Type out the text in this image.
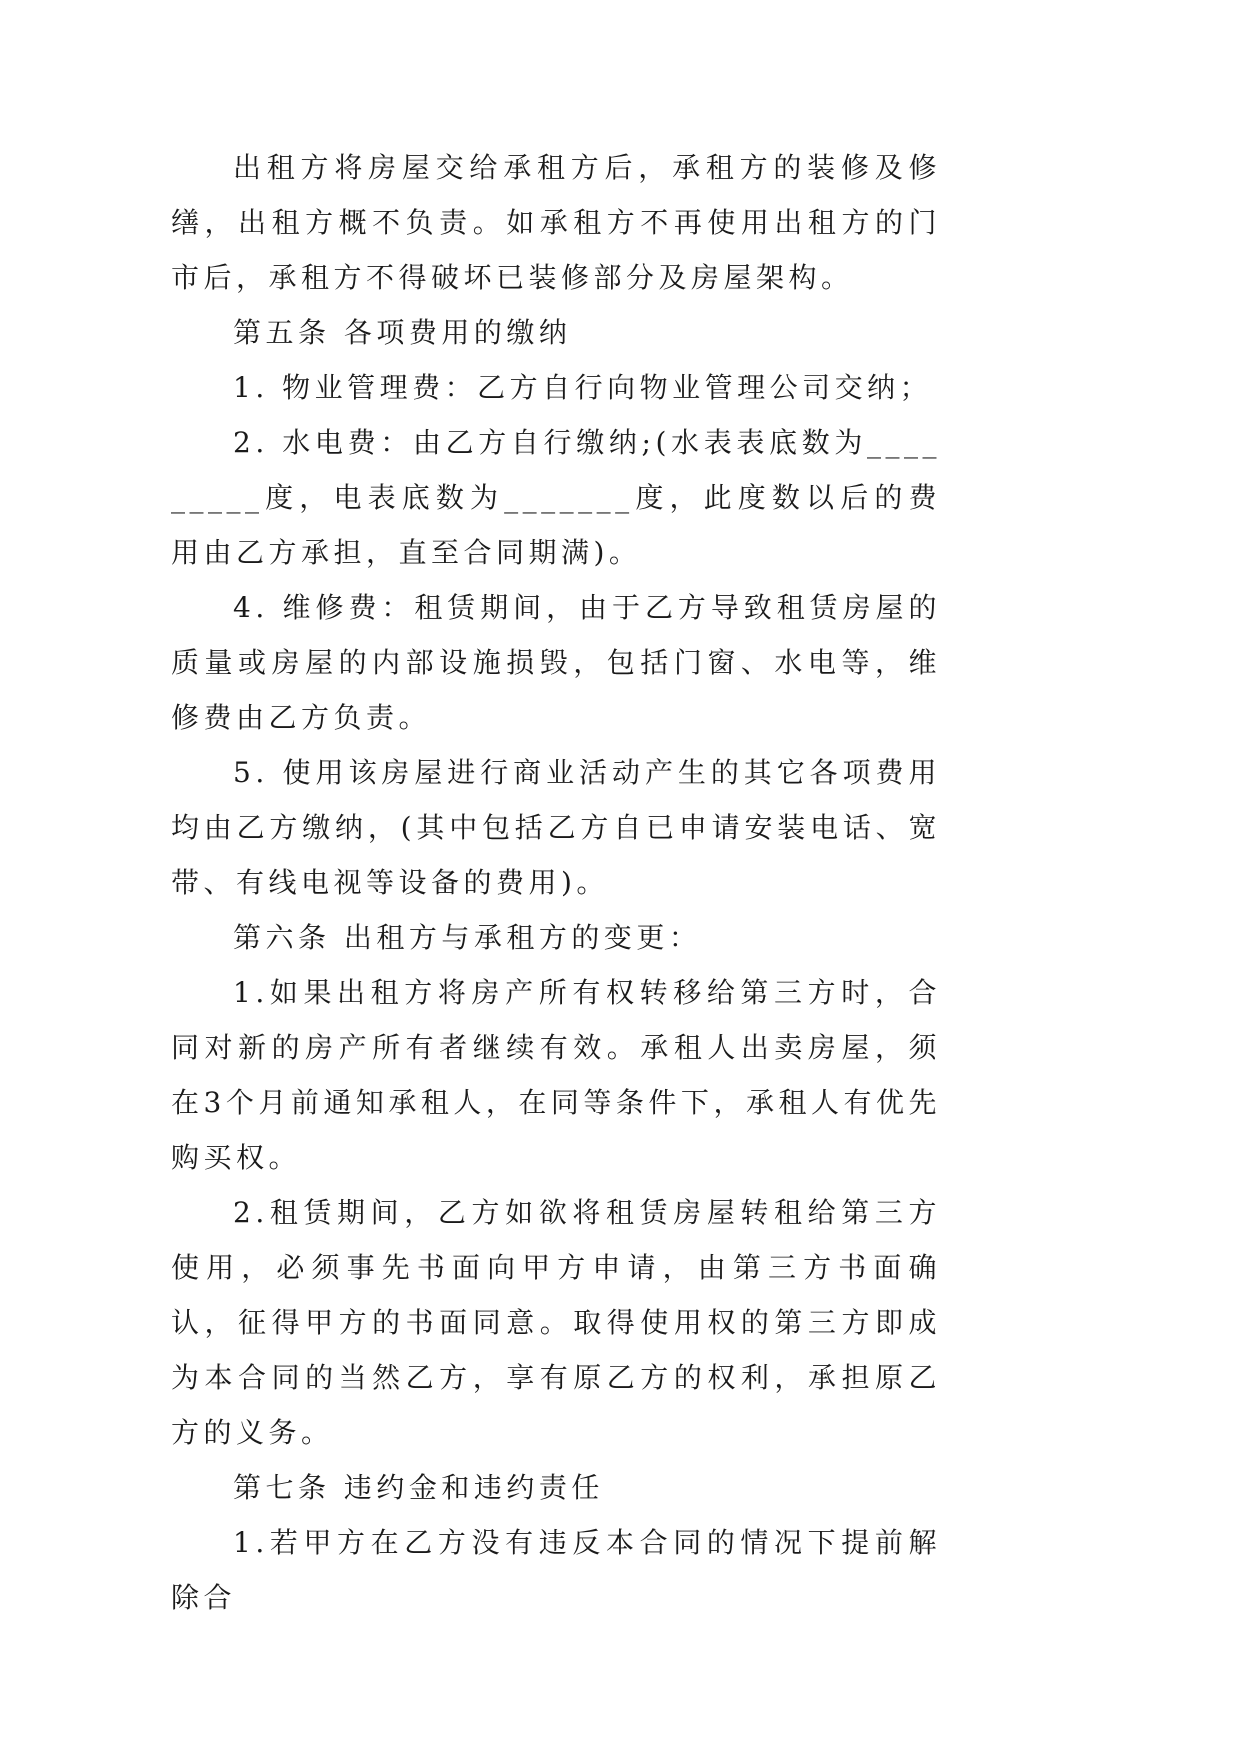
出租方将房屋交给承租方后，承租方的装修及修缮，出租方概不负责。如承租方不再使用出租方的门市后，承租方不得破坏已装修部分及房屋架构。

第五条 各项费用的缴纳

1. 物业管理费：乙方自行向物业管理公司交纳；

2. 水电费：由乙方自行缴纳;(水表表底数为_________度，电表底数为_______度，此度数以后的费用由乙方承担，直至合同期满)。

4. 维修费：租赁期间，由于乙方导致租赁房屋的质量或房屋的内部设施损毁，包括门窗、水电等，维修费由乙方负责。

5. 使用该房屋进行商业活动产生的其它各项费用均由乙方缴纳，(其中包括乙方自已申请安装电话、宽带、有线电视等设备的费用)。

第六条 出租方与承租方的变更：

1.如果出租方将房产所有权转移给第三方时，合同对新的房产所有者继续有效。承租人出卖房屋，须在3个月前通知承租人，在同等条件下，承租人有优先购买权。

2.租赁期间，乙方如欲将租赁房屋转租给第三方使用，必须事先书面向甲方申请，由第三方书面确认，征得甲方的书面同意。取得使用权的第三方即成为本合同的当然乙方，享有原乙方的权利，承担原乙方的义务。

第七条 违约金和违约责任

1.若甲方在乙方没有违反本合同的情况下提前解除合
